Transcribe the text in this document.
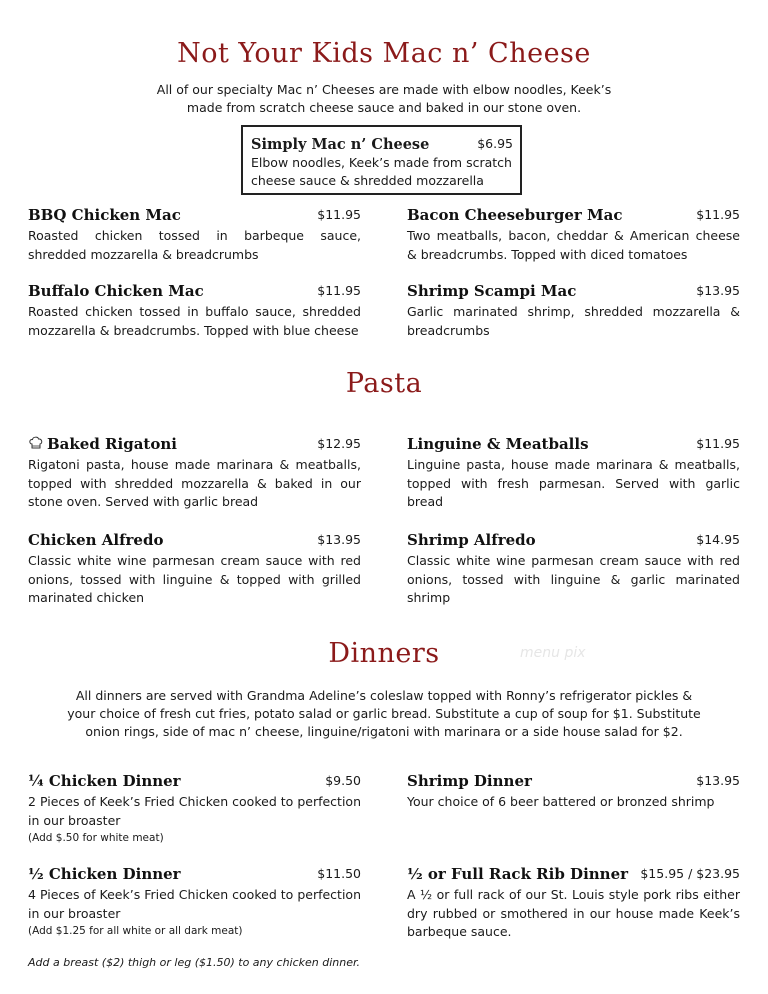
Not Your Kids Mac n’ Cheese
All of our specialty Mac n’ Cheeses are made with elbow noodles, Keek’s made from scratch cheese sauce and baked in our stone oven.
Simply Mac n’ Cheese	$6.95
Elbow noodles, Keek’s made from scratch cheese sauce & shredded mozzarella
BBQ Chicken Mac	$11.95
Roasted chicken tossed in barbeque sauce, shredded mozzarella & breadcrumbs
Bacon Cheeseburger Mac	$11.95
Two meatballs, bacon, cheddar & American cheese & breadcrumbs. Topped with diced tomatoes
Buffalo Chicken Mac	$11.95
Roasted chicken tossed in buffalo sauce, shredded mozzarella & breadcrumbs. Topped with blue cheese
Shrimp Scampi Mac	$13.95
Garlic marinated shrimp, shredded mozzarella & breadcrumbs
Pasta
Baked Rigatoni	$12.95
Rigatoni pasta, house made marinara & meatballs, topped with shredded mozzarella & baked in our stone oven. Served with garlic bread
Linguine & Meatballs	$11.95
Linguine pasta, house made marinara & meatballs, topped with fresh parmesan. Served with garlic bread
Chicken Alfredo	$13.95
Classic white wine parmesan cream sauce with red onions, tossed with linguine & topped with grilled marinated chicken
Shrimp Alfredo	$14.95
Classic white wine parmesan cream sauce with red onions, tossed with linguine & garlic marinated shrimp
Dinners
All dinners are served with Grandma Adeline’s coleslaw topped with Ronny’s refrigerator pickles & your choice of fresh cut fries, potato salad or garlic bread. Substitute a cup of soup for $1. Substitute onion rings, side of mac n’ cheese, linguine/rigatoni with marinara or a side house salad for $2.
menu pix
¼ Chicken Dinner	$9.50
2 Pieces of Keek’s Fried Chicken cooked to perfection in our broaster
(Add $.50 for white meat)
Shrimp Dinner	$13.95
Your choice of 6 beer battered or bronzed shrimp
½ Chicken Dinner	$11.50
4 Pieces of Keek’s Fried Chicken cooked to perfection in our broaster
(Add $1.25 for all white or all dark meat)
½ or Full Rack Rib Dinner $15.95 / $23.95
A ½ or full rack of our St. Louis style pork ribs either dry rubbed or smothered in our house made Keek’s barbeque sauce.
Add a breast ($2) thigh or leg ($1.50) to any chicken dinner.
